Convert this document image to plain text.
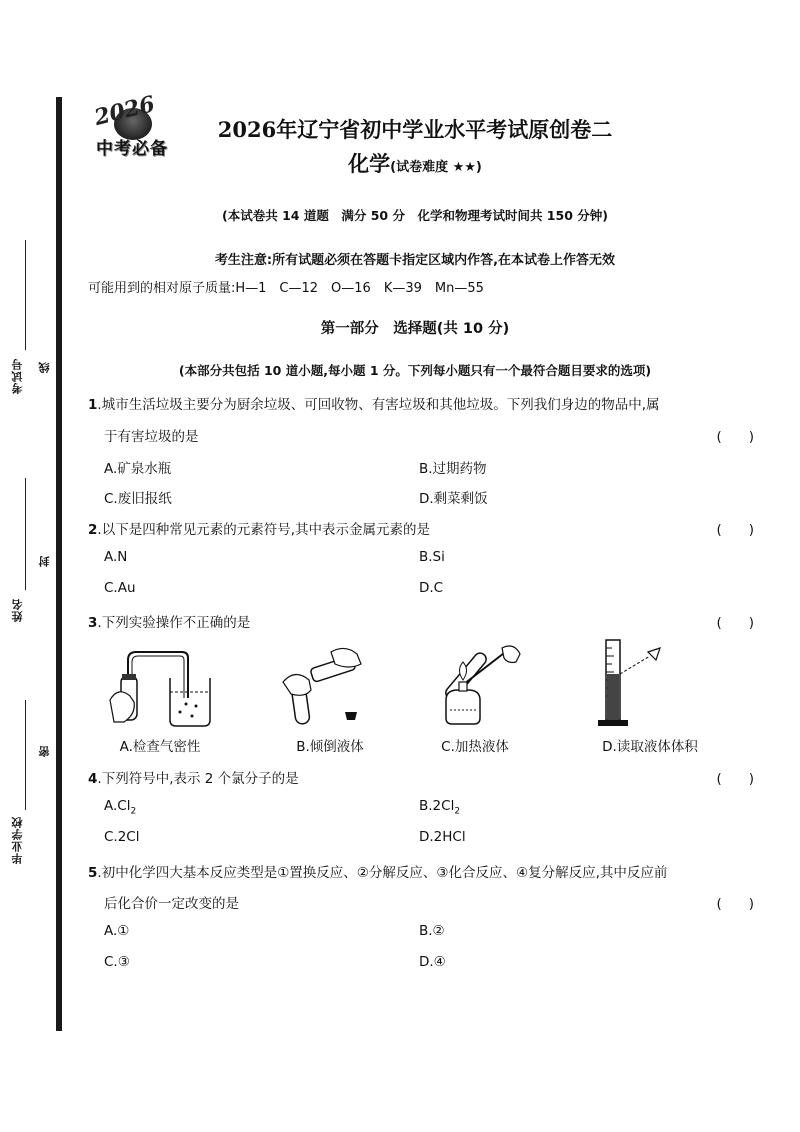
考试号 线
姓名
封
毕业学校
密
2026
中考必备
2026年辽宁省初中学业水平考试原创卷二
化学(试卷难度 ★★)
(本试卷共 14 道题　满分 50 分　化学和物理考试时间共 150 分钟)
考生注意:所有试题必须在答题卡指定区域内作答,在本试卷上作答无效
可能用到的相对原子质量:H—1　C—12　O—16　K—39　Mn—55
第一部分　选择题(共 10 分)
(本部分共包括 10 道小题,每小题 1 分。下列每小题只有一个最符合题目要求的选项)
1.城市生活垃圾主要分为厨余垃圾、可回收物、有害垃圾和其他垃圾。下列我们身边的物品中,属
于有害垃圾的是	(　　)
A.矿泉水瓶	B.过期药物
C.废旧报纸	D.剩菜剩饭
2.以下是四种常见元素的元素符号,其中表示金属元素的是	(　　)
A.N	B.Si
C.Au	D.C
3.下列实验操作不正确的是	(　　)
A.检查气密性	B.倾倒液体	C.加热液体	D.读取液体体积
4.下列符号中,表示 2 个氯分子的是	(　　)
$A.Cl_2$	$B.2Cl_2$
C.2Cl	D.2HCl
5.初中化学四大基本反应类型是①置换反应、②分解反应、③化合反应、④复分解反应,其中反应前
后化合价一定改变的是	(　　)
A.①	B.②
C.③	D.④
